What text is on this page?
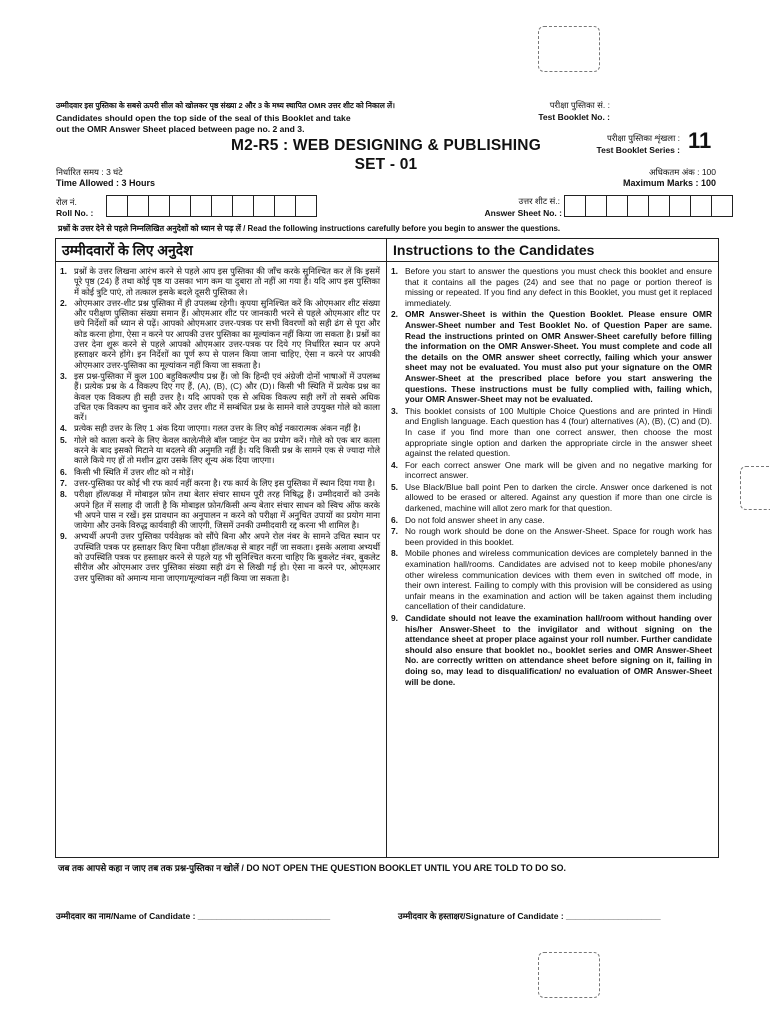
उम्मीदवार इस पुस्तिका के सबसे ऊपरी सील को खोलकर पृष्ठ संख्या 2 और 3 के मध्य स्थापित OMR उत्तर शीट को निकाल लें।
Candidates should open the top side of the seal of this Booklet and take
out the OMR Answer Sheet placed between page no. 2 and 3.
परीक्षा पुस्तिका सं. :
Test Booklet No. :
परीक्षा पुस्तिका शृंखला :
Test Booklet Series : 11
M2-R5 : WEB DESIGNING & PUBLISHING
SET - 01
निर्धारित समय : 3 घंटे
Time Allowed : 3 Hours
अधिकतम अंक : 100
Maximum Marks : 100
रोल नं.
Roll No. :
उत्तर शीट सं.:
Answer Sheet No. :
प्रश्नों के उत्तर देने से पहले निम्नलिखित अनुदेशों को ध्यान से पढ़ लें / Read the following instructions carefully before you begin to answer the questions.
उम्मीदवारों के लिए अनुदेश
1. प्रश्नों के उत्तर लिखना आरंभ करने से पहले आप इस पुस्तिका की जाँच करके सुनिश्चित कर लें कि इसमें पूरे पृष्ठ (24) हैं तथा कोई पृष्ठ या उसका भाग कम या दुबारा तो नहीं आ गया है। यदि आप इस पुस्तिका में कोई त्रुटि पाएं, तो तत्काल इसके बदले दूसरी पुस्तिका ले।
2. ओएमआर उत्तर-शीट प्रश्न पुस्तिका में ही उपलब्ध रहेगी। कृपया सुनिश्चित करें कि ओएमआर शीट संख्या और परीक्षण पुस्तिका संख्या समान हैं। ओएमआर शीट पर जानकारी भरने से पहले ओएमआर शीट पर छपे निर्देशों को ध्यान से पढ़ें। आपको ओएमआर उत्तर-पत्रक पर सभी विवरणों को सही ढंग से पूरा और कोड करना होगा, ऐसा न करने पर आपकी उत्तर पुस्तिका का मूल्यांकन नहीं किया जा सकता है। प्रश्नों का उत्तर देना शुरू करने से पहले आपको ओएमआर उत्तर-पत्रक पर दिये गए निर्धारित स्थान पर अपने हस्ताक्षर करने होंगे। इन निर्देशों का पूर्ण रूप से पालन किया जाना चाहिए, ऐसा न करने पर आपकी ओएमआर उत्तर-पुस्तिका का मूल्यांकन नहीं किया जा सकता है।
3. इस प्रश्न-पुस्तिका में कुल 100 बहुविकल्पीय प्रश्न हैं। जो कि हिन्दी एवं अंग्रेजी दोनों भाषाओं में उपलब्ध हैं। प्रत्येक प्रश्न के 4 विकल्प दिए गए हैं, (A), (B), (C) और (D)। किसी भी स्थिति में प्रत्येक प्रश्न का केवल एक विकल्प ही सही उत्तर है। यदि आपको एक से अधिक विकल्प सही लगें तो सबसे अधिक उचित एक विकल्प का चुनाव करें और उत्तर शीट में सम्बंधित प्रश्न के सामने वाले उपयुक्त गोले को काला करें।
4. प्रत्येक सही उत्तर के लिए 1 अंक दिया जाएगा। गलत उत्तर के लिए कोई नकारात्मक अंकन नहीं है।
5. गोले को काला करने के लिए केवल काले/नीले बॉल प्वाइंट पेन का प्रयोग करें। गोले को एक बार काला करने के बाद इसको मिटाने या बदलने की अनुमति नहीं है। यदि किसी प्रश्न के सामने एक से ज्यादा गोले काले किये गए हों तो मशीन द्वारा उसके लिए शून्य अंक दिया जाएगा।
6. किसी भी स्थिति में उत्तर शीट को न मोड़ें।
7. उत्तर-पुस्तिका पर कोई भी रफ कार्य नहीं करना है। रफ कार्य के लिए इस पुस्तिका में स्थान दिया गया है।
8. परीक्षा हॉल/कक्ष में मोबाइल फ़ोन तथा बेतार संचार साधन पूरी तरह निषिद्ध हैं। उम्मीदवारों को उनके अपने हित में सलाह दी जाती है कि मोबाइल फ़ोन/किसी अन्य बेतार संचार साधन को स्विच ऑफ करके भी अपने पास न रखें। इस प्रावधान का अनुपालन न करने को परीक्षा में अनुचित उपायों का प्रयोग माना जायेगा और उनके विरुद्ध कार्यवाही की जाएगी, जिसमें उनकी उम्मीदवारी रद्द करना भी शामिल है।
9. अभ्यर्थी अपनी उत्तर पुस्तिका पर्यवेक्षक को सौंपे बिना और अपने रोल नंबर के सामने उचित स्थान पर उपस्थिति पत्रक पर हस्ताक्षर किए बिना परीक्षा हॉल/कक्ष से बाहर नहीं जा सकता। इसके अलावा अभ्यर्थी को उपस्थिति पत्रक पर हस्ताक्षर करने से पहले यह भी सुनिश्चित करना चाहिए कि बुकलेट नंबर, बुकलेट सीरीज और ओएमआर उत्तर पुस्तिका संख्या सही ढंग से लिखी गई हो। ऐसा ना करने पर, ओएमआर उत्तर पुस्तिका को अमान्य माना जाएगा/मूल्यांकन नहीं किया जा सकता है।
Instructions to the Candidates
1. Before you start to answer the questions you must check this booklet and ensure that it contains all the pages (24) and see that no page or portion thereof is missing or repeated. If you find any defect in this Booklet, you must get it replaced immediately.
2. OMR Answer-Sheet is within the Question Booklet. Please ensure OMR Answer-Sheet number and Test Booklet No. of Question Paper are same. Read the instructions printed on OMR Answer-Sheet carefully before filling the information on the OMR Answer-Sheet. You must complete and code all the details on the OMR answer sheet correctly, failing which your answer sheet may not be evaluated. You must also put your signature on the OMR Answer-Sheet at the prescribed place before you start answering the questions. These instructions must be fully complied with, failing which, your OMR Answer-Sheet may not be evaluated.
3. This booklet consists of 100 Multiple Choice Questions and are printed in Hindi and English language. Each question has 4 (four) alternatives (A), (B), (C) and (D). In case if you find more than one correct answer, then choose the most appropriate single option and darken the appropriate circle in the answer sheet against the related question.
4. For each correct answer One mark will be given and no negative marking for incorrect answer.
5. Use Black/Blue ball point Pen to darken the circle. Answer once darkened is not allowed to be erased or altered. Against any question if more than one circle is darkened, machine will allot zero mark for that question.
6. Do not fold answer sheet in any case.
7. No rough work should be done on the Answer-Sheet. Space for rough work has been provided in this booklet.
8. Mobile phones and wireless communication devices are completely banned in the examination hall/rooms. Candidates are advised not to keep mobile phones/any other wireless communication devices with them even in switched off mode, in their own interest. Failing to comply with this provision will be considered as using unfair means in the examination and action will be taken against them including cancellation of their candidature.
9. Candidate should not leave the examination hall/room without handing over his/her Answer-Sheet to the invigilator and without signing on the attendance sheet at proper place against your roll number. Further candidate should also ensure that booklet no., booklet series and OMR Answer-Sheet No. are correctly written on attendance sheet before signing on it, failing in doing so, may lead to disqualification/ no evaluation of OMR Answer-Sheet will be done.
जब तक आपसे कहा न जाए तब तक प्रश्न-पुस्तिका न खोलें / DO NOT OPEN THE QUESTION BOOKLET UNTIL YOU ARE TOLD TO DO SO.
उम्मीदवार का नाम/Name of Candidate : ____________________________	उम्मीदवार के हस्ताक्षर/Signature of Candidate : ____________________
